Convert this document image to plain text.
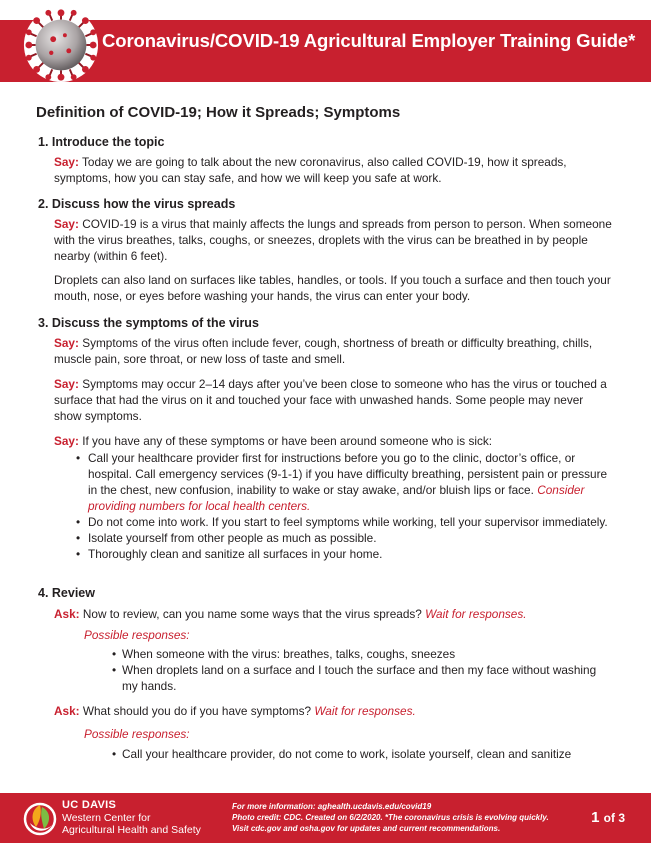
Coronavirus/COVID-19 Agricultural Employer Training Guide*
Definition of COVID-19; How it Spreads; Symptoms
1. Introduce the topic

Say: Today we are going to talk about the new coronavirus, also called COVID-19, how it spreads, symptoms, how you can stay safe, and how we will keep you safe at work.

2. Discuss how the virus spreads

Say: COVID-19 is a virus that mainly affects the lungs and spreads from person to person. When someone with the virus breathes, talks, coughs, or sneezes, droplets with the virus can be breathed in by people nearby (within 6 feet).

Droplets can also land on surfaces like tables, handles, or tools. If you touch a surface and then touch your mouth, nose, or eyes before washing your hands, the virus can enter your body.

3. Discuss the symptoms of the virus

Say: Symptoms of the virus often include fever, cough, shortness of breath or difficulty breathing, chills, muscle pain, sore throat, or new loss of taste and smell.

Say: Symptoms may occur 2–14 days after you’ve been close to someone who has the virus or touched a surface that had the virus on it and touched your face with unwashed hands. Some people may never show symptoms.

Say: If you have any of these symptoms or have been around someone who is sick:

• Call your healthcare provider first for instructions before you go to the clinic, doctor’s office, or hospital. Call emergency services (9-1-1) if you have difficulty breathing, persistent pain or pressure in the chest, new confusion, inability to wake or stay awake, and/or bluish lips or face. Consider providing numbers for local health centers.
• Do not come into work. If you start to feel symptoms while working, tell your supervisor immediately.
• Isolate yourself from other people as much as possible.
• Thoroughly clean and sanitize all surfaces in your home.
4. Review

Ask: Now to review, can you name some ways that the virus spreads? Wait for responses.

Possible responses:
• When someone with the virus: breathes, talks, coughs, sneezes
• When droplets land on a surface and I touch the surface and then my face without washing my hands.

Ask: What should you do if you have symptoms? Wait for responses.

Possible responses:
• Call your healthcare provider, do not come to work, isolate yourself, clean and sanitize
UC DAVIS
Western Center for
Agricultural Health and Safety
For more information: aghealth.ucdavis.edu/covid19
Photo credit: CDC. Created on 6/2/2020. *The coronavirus crisis is evolving quickly.
Visit cdc.gov and osha.gov for updates and current recommendations.
1 of 3
